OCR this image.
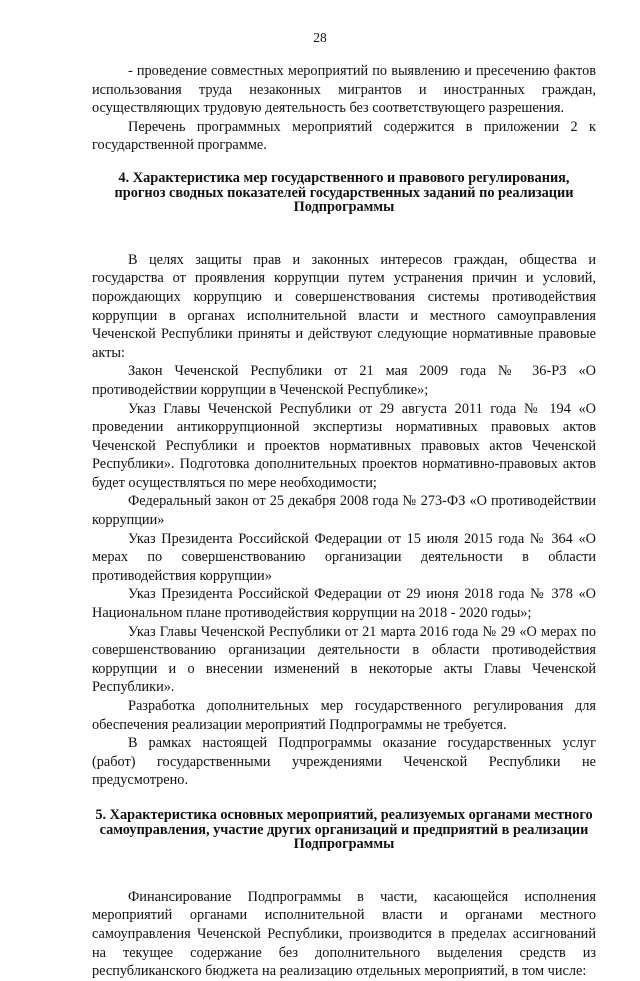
28

- проведение совместных мероприятий по выявлению и пресечению фактов использования труда незаконных мигрантов и иностранных граждан, осуществляющих трудовую деятельность без соответствующего разрешения.

Перечень программных мероприятий содержится в приложении 2 к государственной программе.

4. Характеристика мер государственного и правового регулирования, прогноз сводных показателей государственных заданий по реализации Подпрограммы

В целях защиты прав и законных интересов граждан, общества и государства от проявления коррупции путем устранения причин и условий, порождающих коррупцию и совершенствования системы противодействия коррупции в органах исполнительной власти и местного самоуправления Чеченской Республики приняты и действуют следующие нормативные правовые акты:

Закон Чеченской Республики от 21 мая 2009 года № 36-РЗ «О противодействии коррупции в Чеченской Республике»;

Указ Главы Чеченской Республики от 29 августа 2011 года № 194 «О проведении антикоррупционной экспертизы нормативных правовых актов Чеченской Республики и проектов нормативных правовых актов Чеченской Республики». Подготовка дополнительных проектов нормативно-правовых актов будет осуществляться по мере необходимости;

Федеральный закон от 25 декабря 2008 года № 273-ФЗ «О противодействии коррупции»

Указ Президента Российской Федерации от 15 июля 2015 года № 364 «О мерах по совершенствованию организации деятельности в области противодействия коррупции»

Указ Президента Российской Федерации от 29 июня 2018 года № 378 «О Национальном плане противодействия коррупции на 2018 - 2020 годы»;

Указ Главы Чеченской Республики от 21 марта 2016 года № 29 «О мерах по совершенствованию организации деятельности в области противодействия коррупции и о внесении изменений в некоторые акты Главы Чеченской Республики».

Разработка дополнительных мер государственного регулирования для обеспечения реализации мероприятий Подпрограммы не требуется.

В рамках настоящей Подпрограммы оказание государственных услуг (работ) государственными учреждениями Чеченской Республики не предусмотрено.

5. Характеристика основных мероприятий, реализуемых органами местного самоуправления, участие других организаций и предприятий в реализации Подпрограммы

Финансирование Подпрограммы в части, касающейся исполнения мероприятий органами исполнительной власти и органами местного самоуправления Чеченской Республики, производится в пределах ассигнований на текущее содержание без дополнительного выделения средств из республиканского бюджета на реализацию отдельных мероприятий, в том числе:
